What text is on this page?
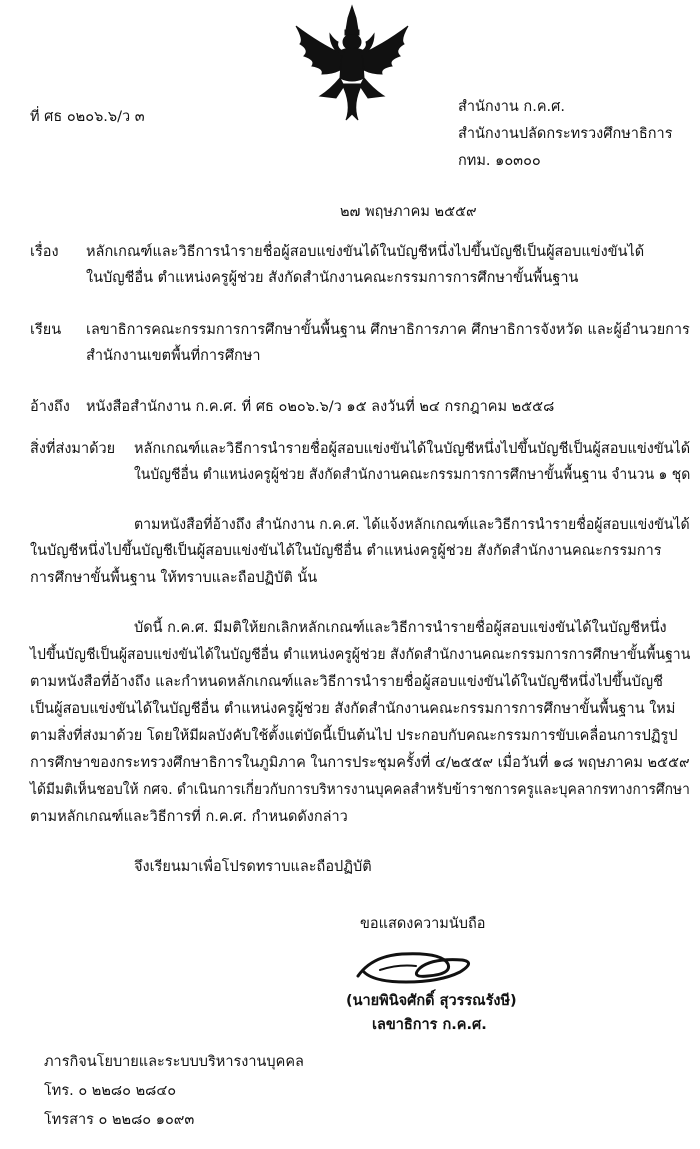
ที่ ศธ ๐๒๐๖.๖/ว ๓
สำนักงาน ก.ค.ศ.
สำนักงานปลัดกระทรวงศึกษาธิการ
กทม. ๑๐๓๐๐
๒๗ พฤษภาคม ๒๕๕๙
เรื่อง หลักเกณฑ์และวิธีการนำรายชื่อผู้สอบแข่งขันได้ในบัญชีหนึ่งไปขึ้นบัญชีเป็นผู้สอบแข่งขันได้
ในบัญชีอื่น ตำแหน่งครูผู้ช่วย สังกัดสำนักงานคณะกรรมการการศึกษาขั้นพื้นฐาน
เรียน เลขาธิการคณะกรรมการการศึกษาขั้นพื้นฐาน ศึกษาธิการภาค ศึกษาธิการจังหวัด และผู้อำนวยการ
สำนักงานเขตพื้นที่การศึกษา
อ้างถึง หนังสือสำนักงาน ก.ค.ศ. ที่ ศธ ๐๒๐๖.๖/ว ๑๕ ลงวันที่ ๒๔ กรกฎาคม ๒๕๕๘
สิ่งที่ส่งมาด้วย หลักเกณฑ์และวิธีการนำรายชื่อผู้สอบแข่งขันได้ในบัญชีหนึ่งไปขึ้นบัญชีเป็นผู้สอบแข่งขันได้
ในบัญชีอื่น ตำแหน่งครูผู้ช่วย สังกัดสำนักงานคณะกรรมการการศึกษาขั้นพื้นฐาน จำนวน ๑ ชุด
ตามหนังสือที่อ้างถึง สำนักงาน ก.ค.ศ. ได้แจ้งหลักเกณฑ์และวิธีการนำรายชื่อผู้สอบแข่งขันได้
ในบัญชีหนึ่งไปขึ้นบัญชีเป็นผู้สอบแข่งขันได้ในบัญชีอื่น ตำแหน่งครูผู้ช่วย สังกัดสำนักงานคณะกรรมการ
การศึกษาขั้นพื้นฐาน ให้ทราบและถือปฏิบัติ นั้น
บัดนี้ ก.ค.ศ. มีมติให้ยกเลิกหลักเกณฑ์และวิธีการนำรายชื่อผู้สอบแข่งขันได้ในบัญชีหนึ่ง
ไปขึ้นบัญชีเป็นผู้สอบแข่งขันได้ในบัญชีอื่น ตำแหน่งครูผู้ช่วย สังกัดสำนักงานคณะกรรมการการศึกษาขั้นพื้นฐาน
ตามหนังสือที่อ้างถึง และกำหนดหลักเกณฑ์และวิธีการนำรายชื่อผู้สอบแข่งขันได้ในบัญชีหนึ่งไปขึ้นบัญชี
เป็นผู้สอบแข่งขันได้ในบัญชีอื่น ตำแหน่งครูผู้ช่วย สังกัดสำนักงานคณะกรรมการการศึกษาขั้นพื้นฐาน ใหม่
ตามสิ่งที่ส่งมาด้วย โดยให้มีผลบังคับใช้ตั้งแต่บัดนี้เป็นต้นไป ประกอบกับคณะกรรมการขับเคลื่อนการปฏิรูป
การศึกษาของกระทรวงศึกษาธิการในภูมิภาค ในการประชุมครั้งที่ ๔/๒๕๕๙ เมื่อวันที่ ๑๘ พฤษภาคม ๒๕๕๙
ได้มีมติเห็นชอบให้ กศจ. ดำเนินการเกี่ยวกับการบริหารงานบุคคลสำหรับข้าราชการครูและบุคลากรทางการศึกษา
ตามหลักเกณฑ์และวิธีการที่ ก.ค.ศ. กำหนดดังกล่าว
จึงเรียนมาเพื่อโปรดทราบและถือปฏิบัติ
ขอแสดงความนับถือ
(นายพินิจศักดิ์ สุวรรณรังษี)
เลขาธิการ ก.ค.ศ.
ภารกิจนโยบายและระบบบริหารงานบุคคล
โทร. ๐ ๒๒๘๐ ๒๘๔๐
โทรสาร ๐ ๒๒๘๐ ๑๐๙๓
